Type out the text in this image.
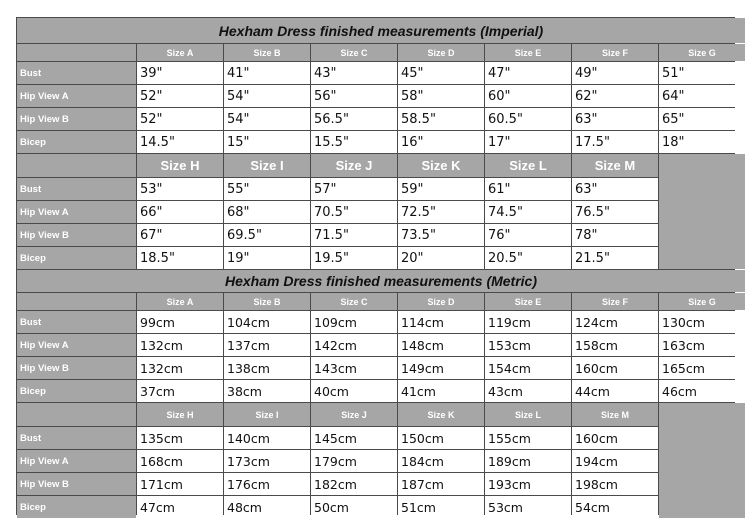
Hexham Dress finished measurements (Imperial)
Size A	Size B	Size C	Size D	Size E	Size F	Size G
Bust	39"	41"	43"	45"	47"	49"	51"
Hip View A	52"	54"	56"	58"	60"	62"	64"
Hip View B	52"	54"	56.5"	58.5"	60.5"	63"	65"
Bicep	14.5"	15"	15.5"	16"	17"	17.5"	18"
Size H	Size I	Size J	Size K	Size L	Size M
Bust	53"	55"	57"	59"	61"	63"
Hip View A	66"	68"	70.5"	72.5"	74.5"	76.5"
Hip View B	67"	69.5"	71.5"	73.5"	76"	78"
Bicep	18.5"	19"	19.5"	20"	20.5"	21.5"
Hexham Dress finished measurements (Metric)
Size A	Size B	Size C	Size D	Size E	Size F	Size G
Bust	99cm	104cm	109cm	114cm	119cm	124cm	130cm
Hip View A	132cm	137cm	142cm	148cm	153cm	158cm	163cm
Hip View B	132cm	138cm	143cm	149cm	154cm	160cm	165cm
Bicep	37cm	38cm	40cm	41cm	43cm	44cm	46cm
Size H	Size I	Size J	Size K	Size L	Size M
Bust	135cm	140cm	145cm	150cm	155cm	160cm
Hip View A	168cm	173cm	179cm	184cm	189cm	194cm
Hip View B	171cm	176cm	182cm	187cm	193cm	198cm
Bicep	47cm	48cm	50cm	51cm	53cm	54cm
